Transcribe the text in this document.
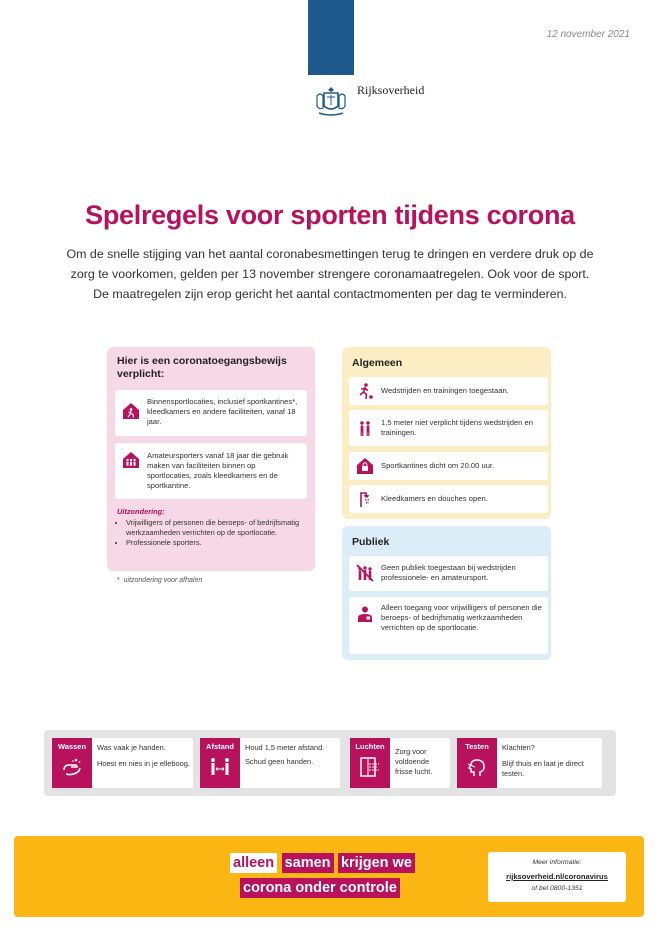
Rijksoverheid
12 november 2021
Spelregels voor sporten tijdens corona
Om de snelle stijging van het aantal coronabesmettingen terug te dringen en verdere druk op de
zorg te voorkomen, gelden per 13 november strengere coronamaatregelen. Ook voor de sport.
De maatregelen zijn erop gericht het aantal contactmomenten per dag te verminderen.
Hier is een coronatoegangsbewijs verplicht:
Binnensportlocaties, inclusief sportkantines*, kleedkamers en andere faciliteiten, vanaf 18 jaar.
Amateursporters vanaf 18 jaar die gebruik maken van faciliteiten binnen op sportlocaties, zoals kleedkamers en de sportkantine.
Uitzondering:
• Vrijwilligers of personen die beroeps- of bedrijfsmatig werkzaamheden verrichten op de sportlocatie.
• Professionele sporters.
* uitzondering voor afhalen
Algemeen
Wedstrijden en trainingen toegestaan.
1,5 meter niet verplicht tijdens wedstrijden en trainingen.
Sportkantines dicht om 20.00 uur.
Kleedkamers en douches open.
Publiek
Geen publiek toegestaan bij wedstrijden professionele- en amateursport.
Alleen toegang voor vrijwilligers of personen die beroeps- of bedrijfsmatig werkzaamheden verrichten op de sportlocatie.
Wassen	Was vaak je handen.
Hoest en nies in je elleboog.
Afstand	Houd 1,5 meter afstand.
Schud geen handen.
Luchten
Zorg voor voldoende frisse lucht.
Testen	Klachten?
Blijf thuis en laat je direct testen.
alleen samen krijgen we
corona onder controle
Meer informatie:
rijksoverheid.nl/coronavirus
of bel 0800-1351
